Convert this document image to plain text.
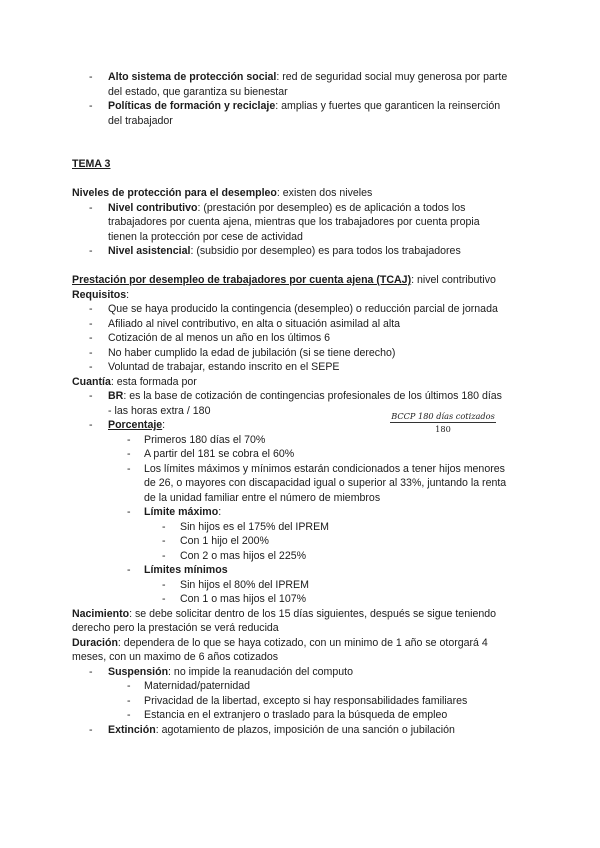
- Alto sistema de protección social: red de seguridad social muy generosa por parte
del estado, que garantiza su bienestar
- Políticas de formación y reciclaje: amplias y fuertes que garanticen la reinserción
del trabajador
TEMA 3
Niveles de protección para el desempleo: existen dos niveles
- Nivel contributivo: (prestación por desempleo) es de aplicación a todos los
trabajadores por cuenta ajena, mientras que los trabajadores por cuenta propia
tienen la protección por cese de actividad
- Nivel asistencial: (subsidio por desempleo) es para todos los trabajadores
Prestación por desempleo de trabajadores por cuenta ajena (TCAJ): nivel contributivo
Requisitos:
- Que se haya producido la contingencia (desempleo) o reducción parcial de jornada
- Afiliado al nivel contributivo, en alta o situación asimilad al alta
- Cotización de al menos un año en los últimos 6
- No haber cumplido la edad de jubilación (si se tiene derecho)
- Voluntad de trabajar, estando inscrito en el SEPE
Cuantía: esta formada por
- BR: es la base de cotización de contingencias profesionales de los últimos 180 días
- las horas extra / 180
- Porcentaje:
- Primeros 180 días el 70%
- A partir del 181 se cobra el 60%
- Los límites máximos y mínimos estarán condicionados a tener hijos menores
de 26, o mayores con discapacidad igual o superior al 33%, juntando la renta
de la unidad familiar entre el número de miembros
- Límite máximo:
- Sin hijos es el 175% del IPREM
- Con 1 hijo el 200%
- Con 2 o mas hijos el 225%
- Límites mínimos
- Sin hijos el 80% del IPREM
- Con 1 o mas hijos el 107%
Nacimiento: se debe solicitar dentro de los 15 días siguientes, después se sigue teniendo
derecho pero la prestación se verá reducida
Duración: dependera de lo que se haya cotizado, con un minimo de 1 año se otorgará 4
meses, con un maximo de 6 años cotizados
- Suspensión: no impide la reanudación del computo
- Maternidad/paternidad
- Privacidad de la libertad, excepto si hay responsabilidades familiares
- Estancia en el extranjero o traslado para la búsqueda de empleo
- Extinción: agotamiento de plazos, imposición de una sanción o jubilación
BCCP 180 días cotizados
180
